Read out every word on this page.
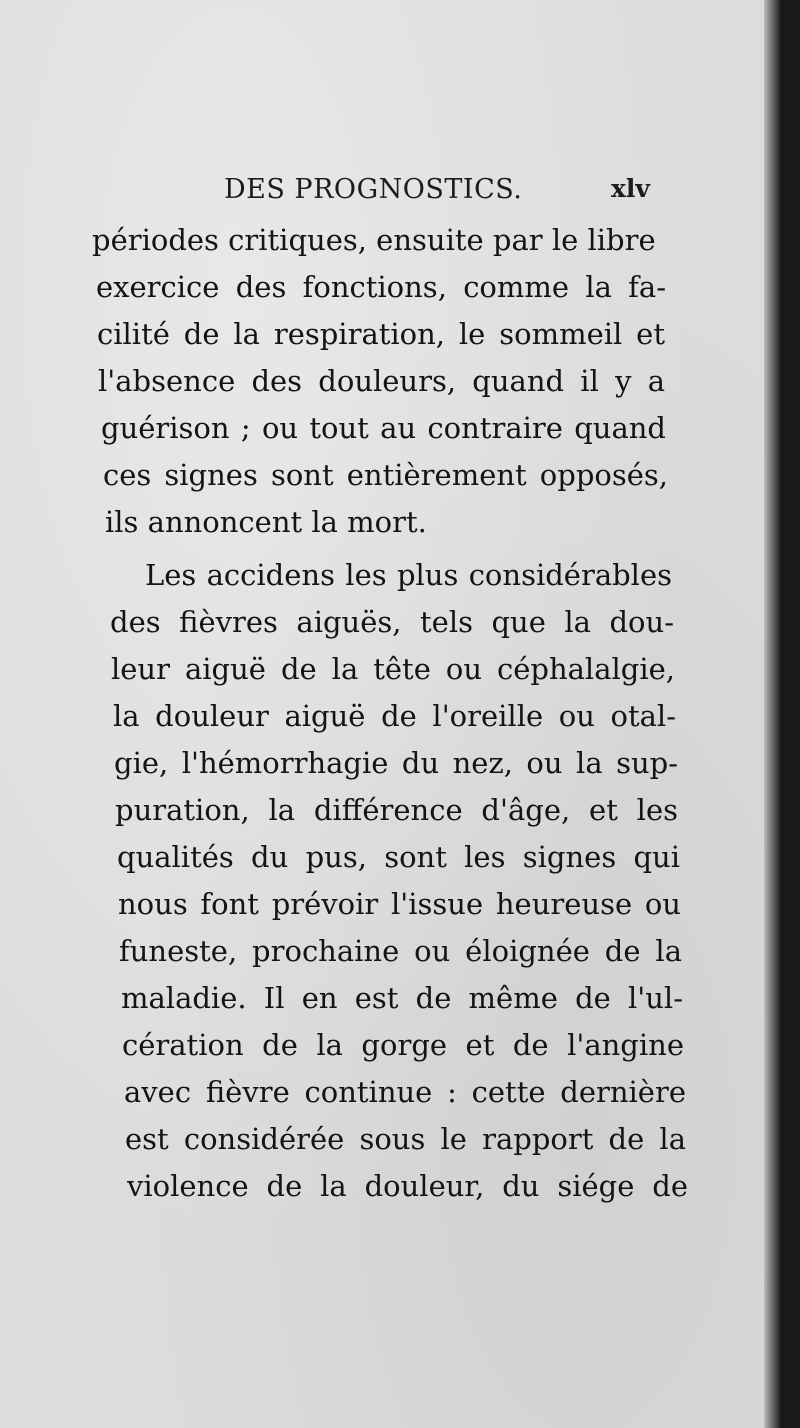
DES PROGNOSTICS.	xlv
périodes critiques, ensuite par le libre
exercice des fonctions, comme la fa-
cilité de la respiration, le sommeil et
l'absence des douleurs, quand il y a
guérison ; ou tout au contraire quand
ces signes sont entièrement opposés,
ils annoncent la mort.
Les accidens les plus considérables
des fièvres aiguës, tels que la dou-
leur aiguë de la tête ou céphalalgie,
la douleur aiguë de l'oreille ou otal-
gie, l'hémorrhagie du nez, ou la sup-
puration, la différence d'âge, et les
qualités du pus, sont les signes qui
nous font prévoir l'issue heureuse ou
funeste, prochaine ou éloignée de la
maladie. Il en est de même de l'ul-
cération de la gorge et de l'angine
avec fièvre continue : cette dernière
est considérée sous le rapport de la
violence de la douleur, du siége de
